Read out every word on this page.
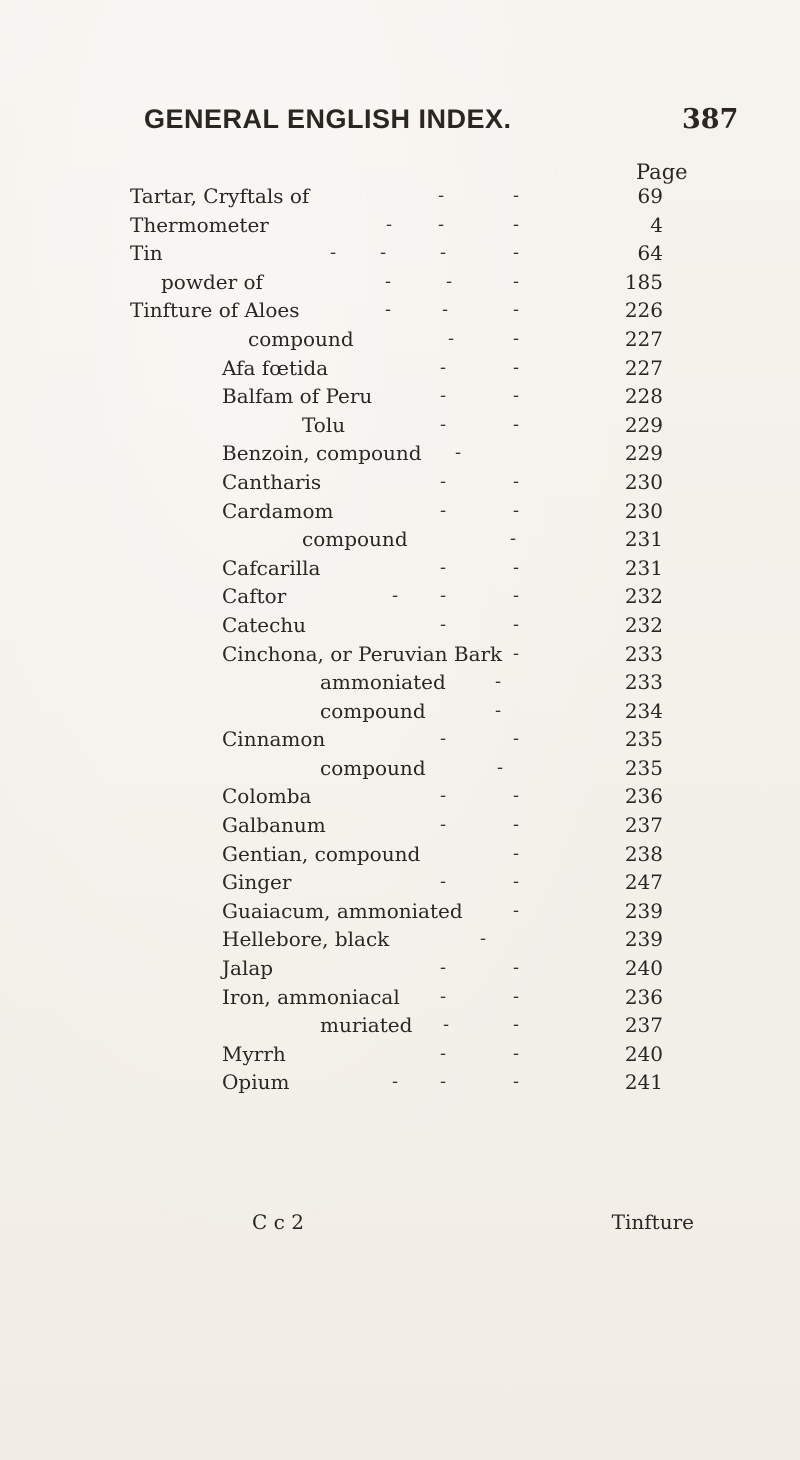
GENERAL ENGLISH INDEX.	387
Page
Tartar, Cryftals of	-	-	69
Thermometer	-	-	-	4
Tin	- -	-	-	64
powder of	-	-	-	185
Tinfture of Aloes	-	-	-	226
compound	-	-	227
Afa fœtida	-	-	227
Balfam of Peru	-	-	228
Tolu	-	-	229
Benzoin, compound -	229
Cantharis	-	-	230
Cardamom	-	-	230
compound	-	231
Cafcarilla	-	-	231
Caftor	- -	-	232
Catechu	-	-	232
Cinchona, or Peruvian Bark -	233
ammoniated	-	233
compound	-	234
Cinnamon	-	-	235
compound	-	235
Colomba	-	-	236
Galbanum	-	-	237
Gentian, compound	-	238
Ginger	-	-	247
Guaiacum, ammoniated	-	239
Hellebore, black	-	239
Jalap	-	-	240
Iron, ammoniacal -	-	236
muriated -	-	237
Myrrh	-	-	240
Opium	- -	-	241
C c 2	Tinfture
